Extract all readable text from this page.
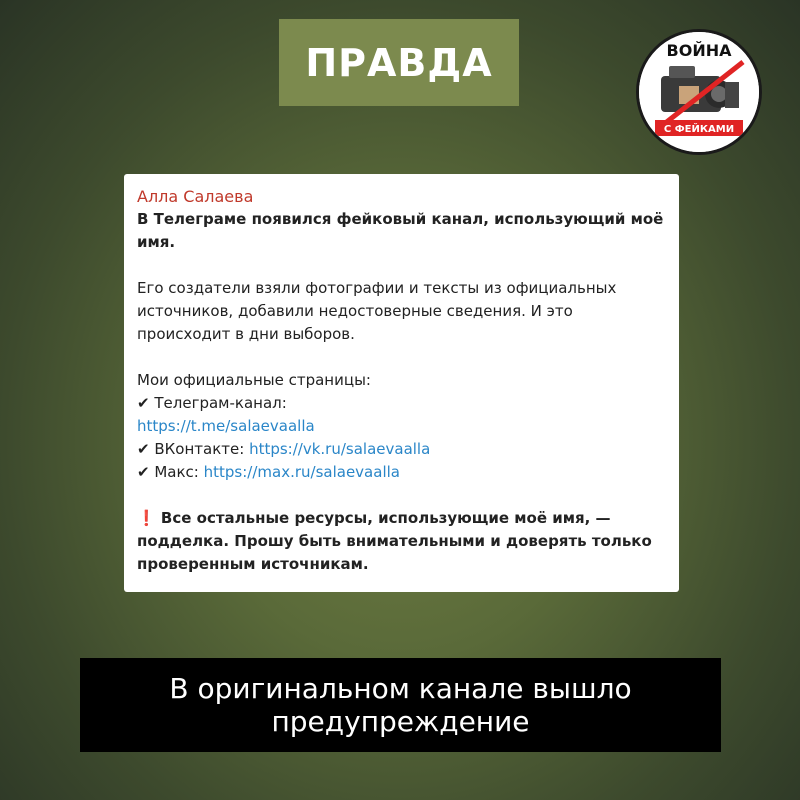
ПРАВДА	ВОЙНА
С ФЕЙКАМИ

Алла Салаева

В Телеграме появился фейковый канал, использующий моё имя.

Его создатели взяли фотографии и тексты из официальных источников, добавили недостоверные сведения. И это происходит в дни выборов.

Мои официальные страницы:

✔ Телеграм-канал:

https://t.me/salaevaalla

✔ ВКонтакте: https://vk.ru/salaevaalla

✔ Макс: https://max.ru/salaevaalla

❗ Все остальные ресурсы, использующие моё имя, — подделка. Прошу быть внимательными и доверять только проверенным источникам.

В оригинальном канале вышло
предупреждение
